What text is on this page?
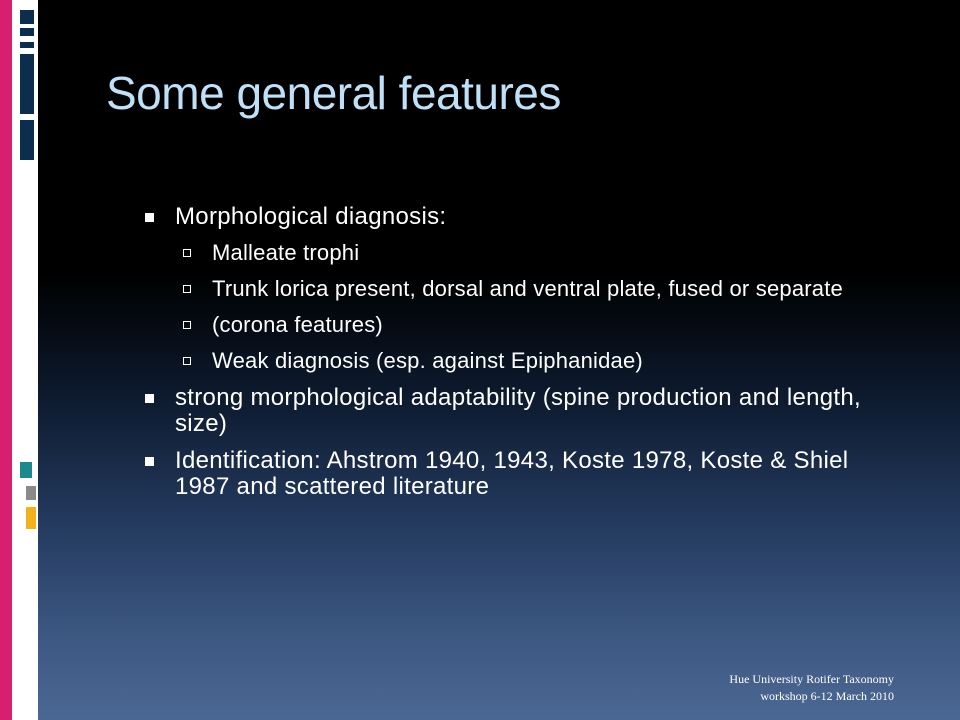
Some general features
Morphological diagnosis:
Malleate trophi
Trunk lorica present, dorsal and ventral plate, fused or separate
(corona features)
Weak diagnosis (esp. against Epiphanidae)
strong morphological adaptability (spine production and length, size)
Identification: Ahstrom 1940, 1943, Koste 1978, Koste & Shiel 1987 and scattered literature
Hue University Rotifer Taxonomy
workshop 6-12 March 2010
